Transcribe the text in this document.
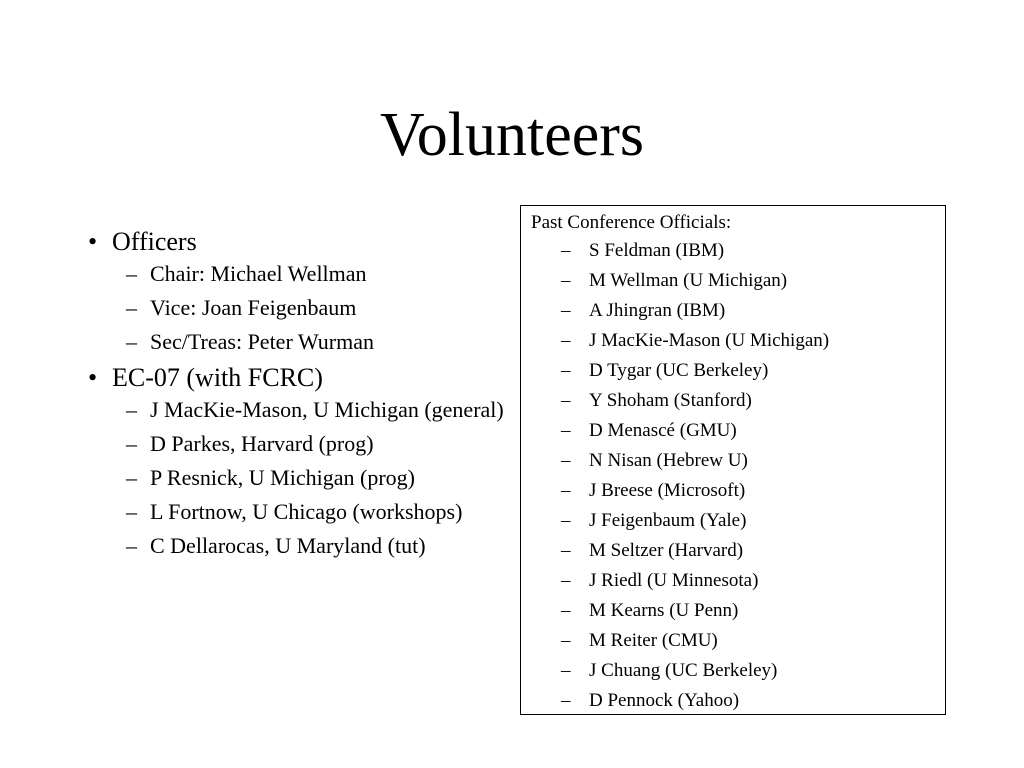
Volunteers
• Officers
– Chair: Michael Wellman
– Vice: Joan Feigenbaum
– Sec/Treas: Peter Wurman
• EC-07 (with FCRC)
– J MacKie-Mason, U Michigan (general)
– D Parkes, Harvard (prog)
– P Resnick, U Michigan (prog)
– L Fortnow, U Chicago (workshops)
– C Dellarocas, U Maryland (tut)
Past Conference Officials:
– S Feldman (IBM)
– M Wellman (U Michigan)
– A Jhingran (IBM)
– J MacKie-Mason (U Michigan)
– D Tygar (UC Berkeley)
– Y Shoham (Stanford)
– D Menascé (GMU)
– N Nisan (Hebrew U)
– J Breese (Microsoft)
– J Feigenbaum (Yale)
– M Seltzer (Harvard)
– J Riedl (U Minnesota)
– M Kearns (U Penn)
– M Reiter (CMU)
– J Chuang (UC Berkeley)
– D Pennock (Yahoo)
